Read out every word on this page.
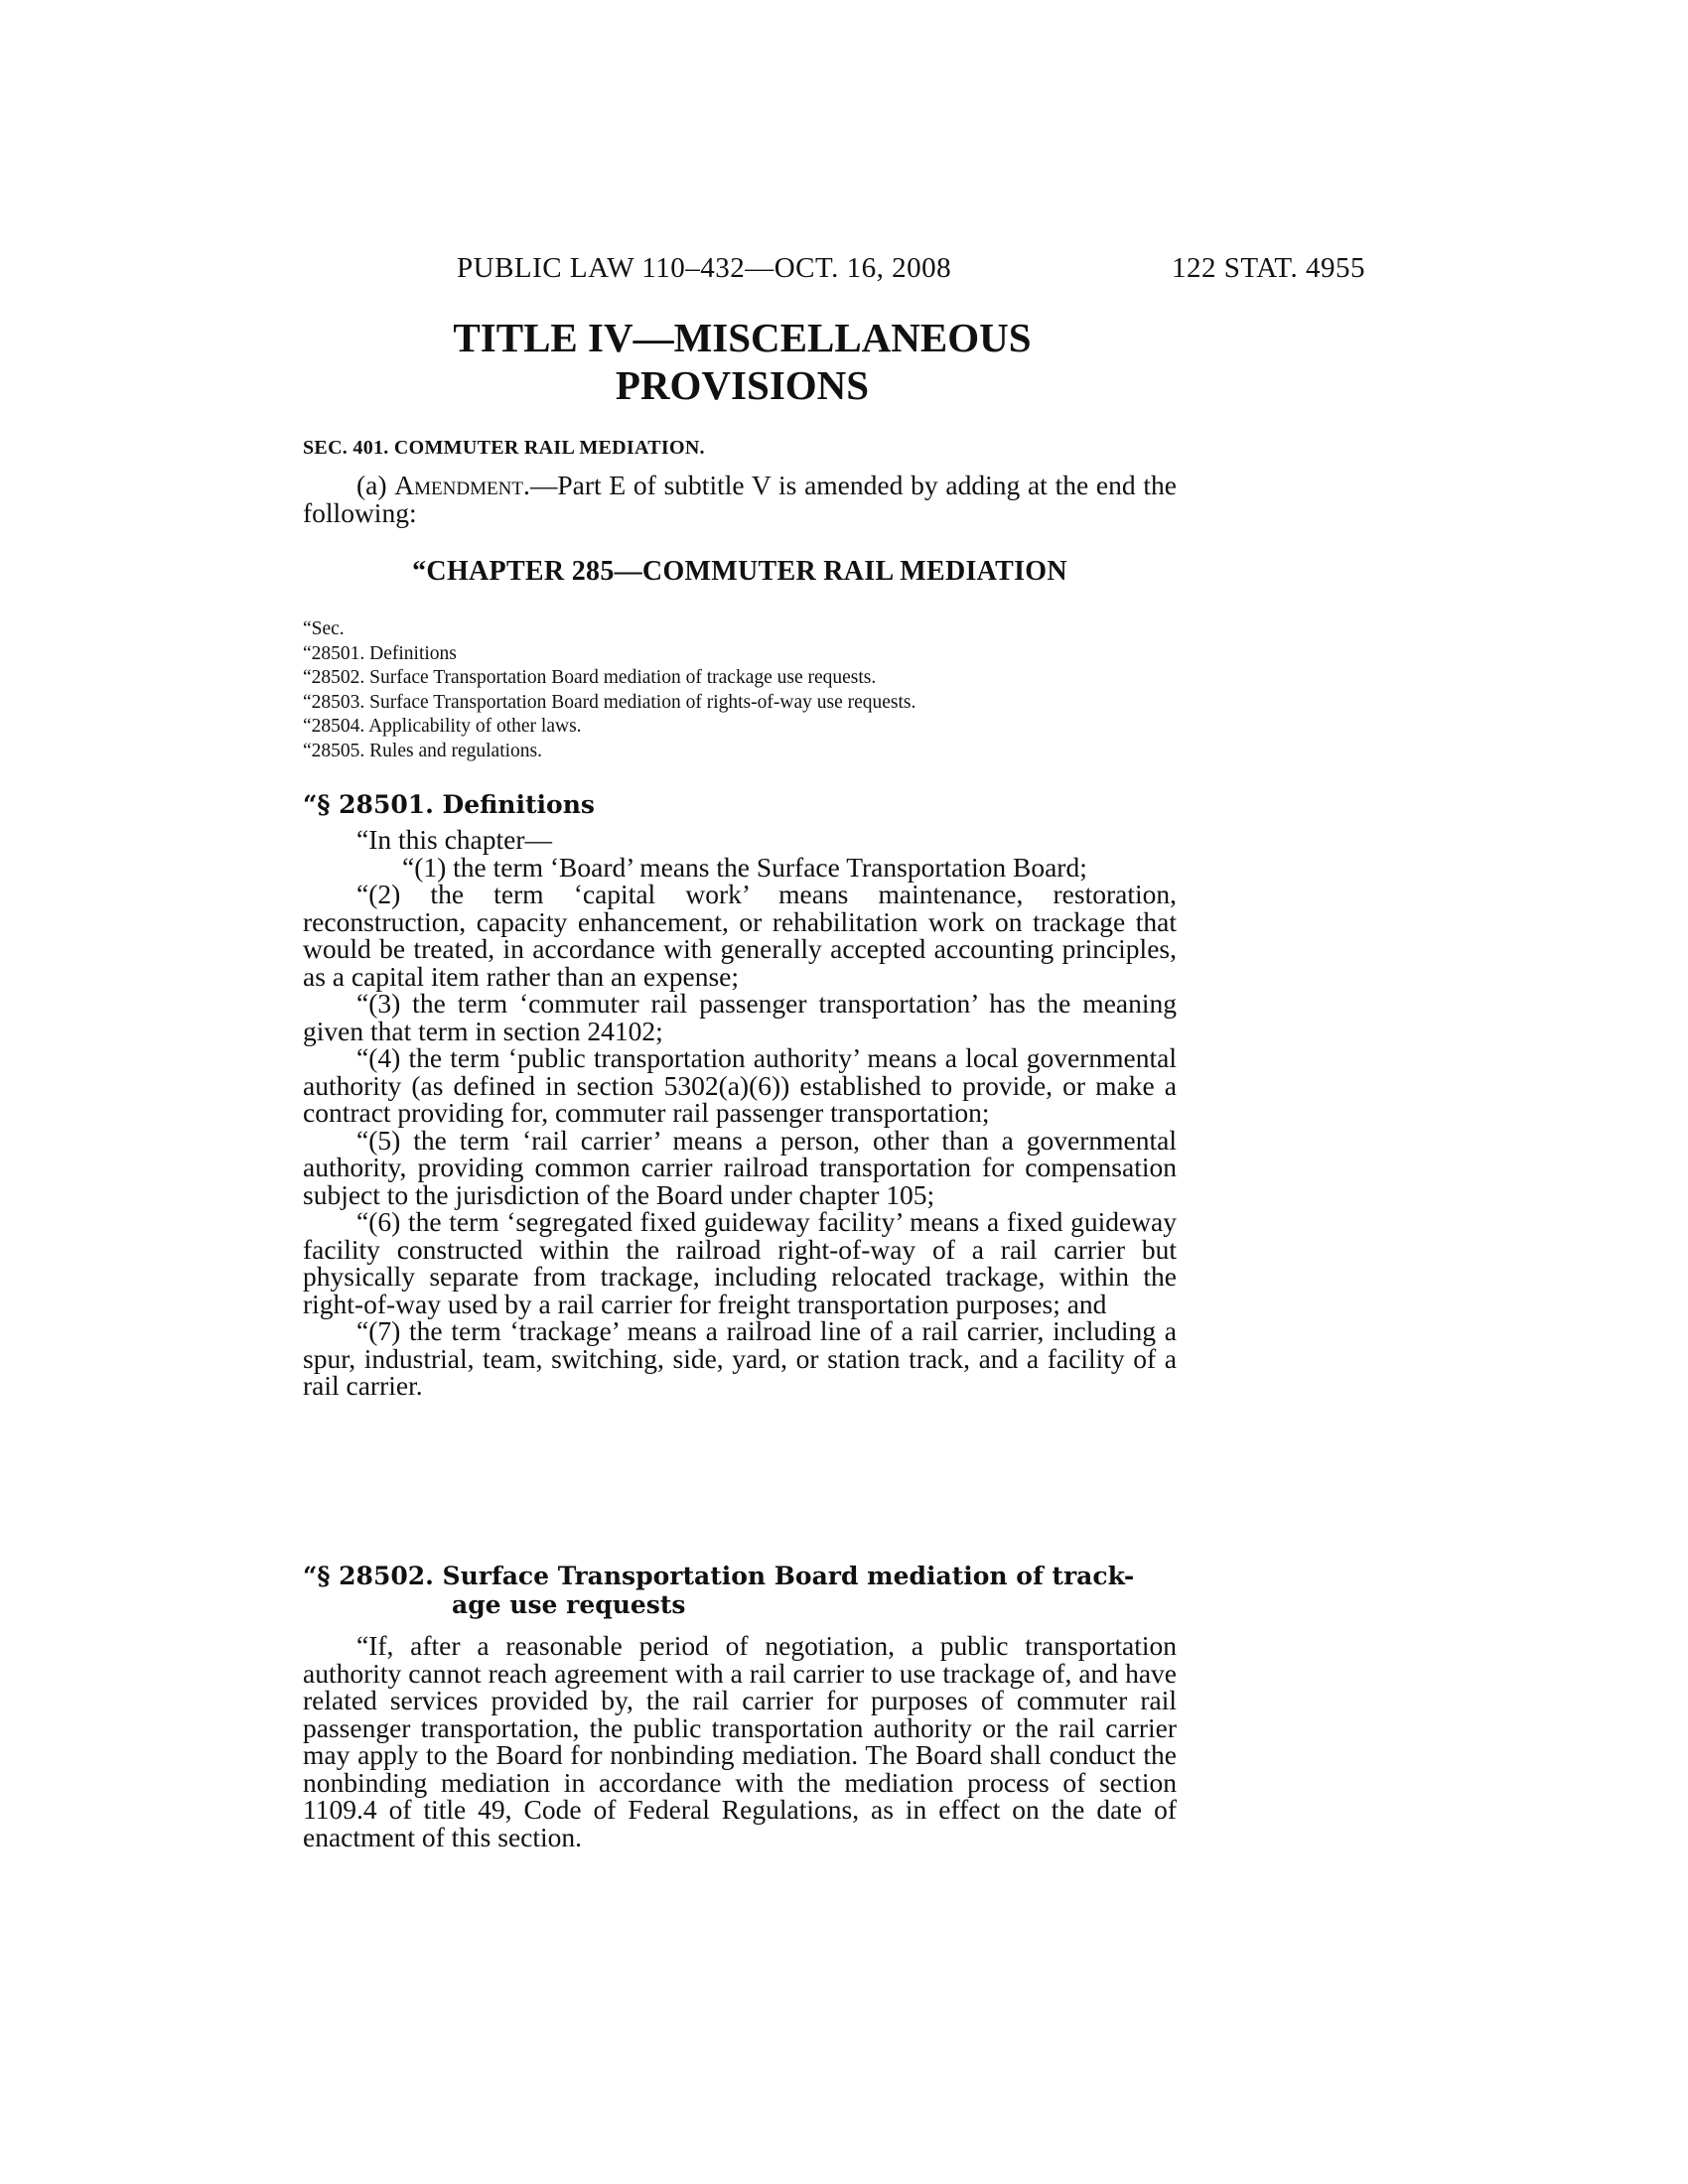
PUBLIC LAW 110–432—OCT. 16, 2008	122 STAT. 4955
TITLE IV—MISCELLANEOUS
PROVISIONS
SEC. 401. COMMUTER RAIL MEDIATION.

(a) Amendment.—Part E of subtitle V is amended by adding at the end the following:

“CHAPTER 285—COMMUTER RAIL MEDIATION
“Sec.
“28501. Definitions
“28502. Surface Transportation Board mediation of trackage use requests.
“28503. Surface Transportation Board mediation of rights-of-way use requests.
“28504. Applicability of other laws.
“28505. Rules and regulations.
“§ 28501. Definitions

“In this chapter—

“(1) the term ‘Board’ means the Surface Transportation Board;

“(2) the term ‘capital work’ means maintenance, restoration, reconstruction, capacity enhancement, or rehabilitation work on trackage that would be treated, in accordance with generally accepted accounting principles, as a capital item rather than an expense;

“(3) the term ‘commuter rail passenger transportation’ has the meaning given that term in section 24102;

“(4) the term ‘public transportation authority’ means a local governmental authority (as defined in section 5302(a)(6)) established to provide, or make a contract providing for, commuter rail passenger transportation;

“(5) the term ‘rail carrier’ means a person, other than a governmental authority, providing common carrier railroad transportation for compensation subject to the jurisdiction of the Board under chapter 105;

“(6) the term ‘segregated fixed guideway facility’ means a fixed guideway facility constructed within the railroad right-of-way of a rail carrier but physically separate from trackage, including relocated trackage, within the right-of-way used by a rail carrier for freight transportation purposes; and

“(7) the term ‘trackage’ means a railroad line of a rail carrier, including a spur, industrial, team, switching, side, yard, or station track, and a facility of a rail carrier.

“§ 28502. Surface Transportation Board mediation of track-
age use requests

“If, after a reasonable period of negotiation, a public transportation authority cannot reach agreement with a rail carrier to use trackage of, and have related services provided by, the rail carrier for purposes of commuter rail passenger transportation, the public transportation authority or the rail carrier may apply to the Board for nonbinding mediation. The Board shall conduct the nonbinding mediation in accordance with the mediation process of section 1109.4 of title 49, Code of Federal Regulations, as in effect on the date of enactment of this section.
